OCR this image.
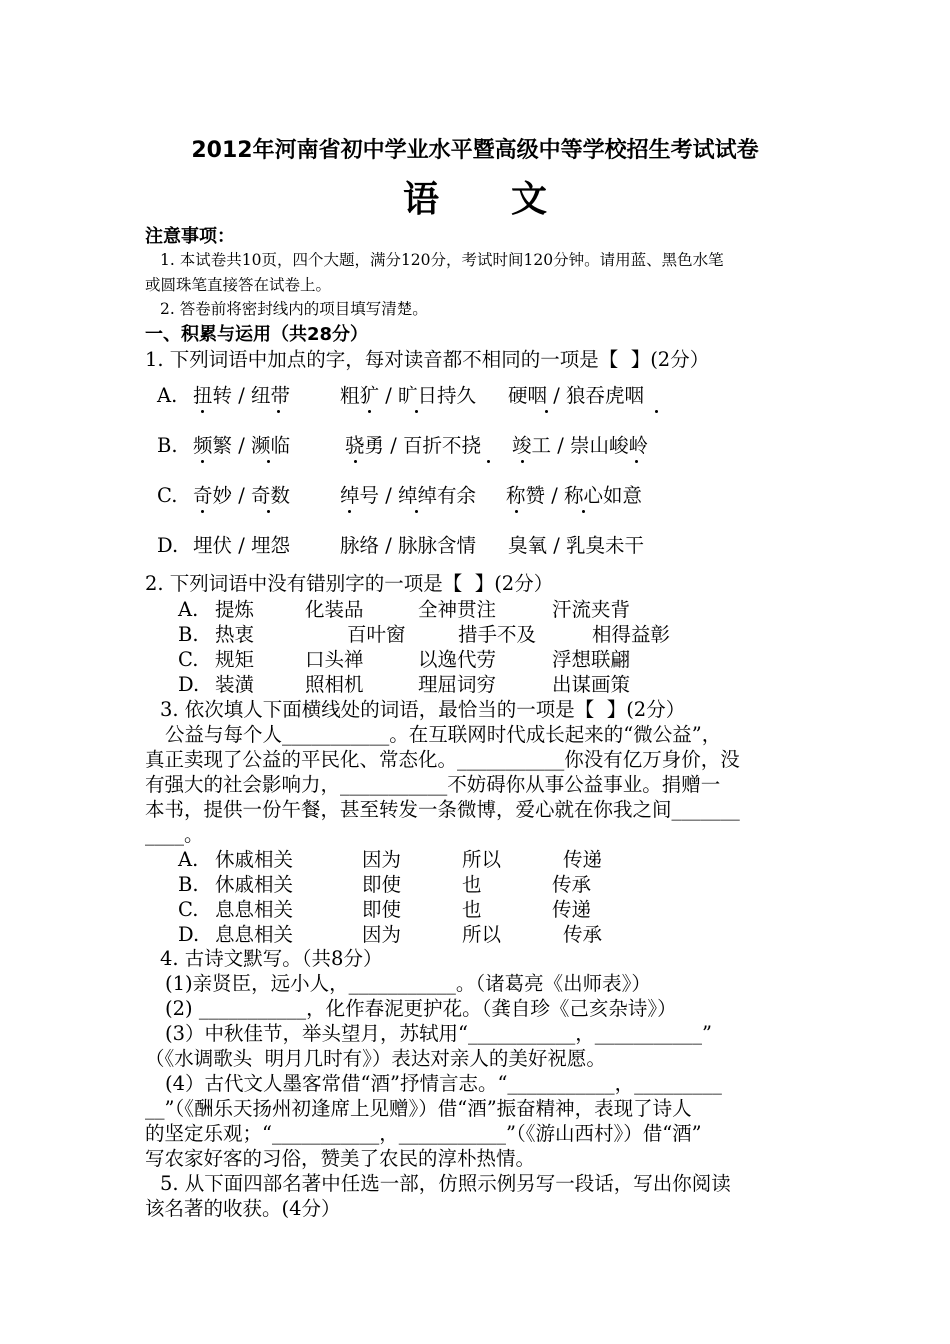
2012年河南省初中学业水平暨高级中等学校招生考试试卷
语　　文
注意事项：
1. 本试卷共10页，四个大题，满分120分，考试时间120分钟。请用蓝、黑色水笔
或圆珠笔直接答在试卷上。
2. 答卷前将密封线内的项目填写清楚。
一、积累与运用（共28分）
1. 下列词语中加点的字，每对读音都不相同的一项是【  】(2分）
A. 扭转 / 纽带	粗犷 / 旷日持久 硬咽 / 狼吞虎咽
B. 频繁 / 濒临	骁勇 / 百折不挠 竣工 / 崇山峻岭
C. 奇妙 / 奇数	绰号 / 绰绰有余 称赞 / 称心如意
D. 埋伏 / 埋怨	脉络 / 脉脉含情 臭氧 / 乳臭未干
2. 下列词语中没有错别字的一项是【  】(2分）
A. 提炼	化装品	全神贯注	汗流夹背
B. 热衷	百叶窗	措手不及	相得益彰
C. 规矩	口头禅	以逸代劳	浮想联翩
D. 装潢	照相机	理屈词穷	出谋画策
3. 依次填人下面横线处的词语，最恰当的一项是【  】(2分）
公益与每个人___________。在互联网时代成长起来的“微公益”，
真正卖现了公益的平民化、常态化。___________你没有亿万身价，没
有强大的社会影响力，___________不妨碍你从事公益事业。捐赠一
本书，提供一份午餐，甚至转发一条微博，爱心就在你我之间_______
____。
A. 休戚相关	因为	所以	传递
B. 休戚相关	即使	也	传承
C. 息息相关	即使	也	传递
D. 息息相关	因为	所以	传承
4. 古诗文默写。（共8分）
(1)亲贤臣，远小人，___________。（诸葛亮《出师表》）
(2) ___________，化作春泥更护花。（龚自珍《己亥杂诗》）
(3）中秋佳节，举头望月，苏轼用“___________，___________”
（《水调歌头  明月几时有》）表达对亲人的美好祝愿。
(4）古代文人墨客常借“酒”抒情言志。“___________，_________
__”（《酬乐天扬州初逢席上见赠》）借“酒”振奋精神，表现了诗人
的坚定乐观；“___________，___________”（《游山西村》）借“酒”
写农家好客的习俗，赞美了农民的淳朴热情。
5. 从下面四部名著中任选一部，仿照示例另写一段话，写出你阅读
该名著的收获。(4分）
